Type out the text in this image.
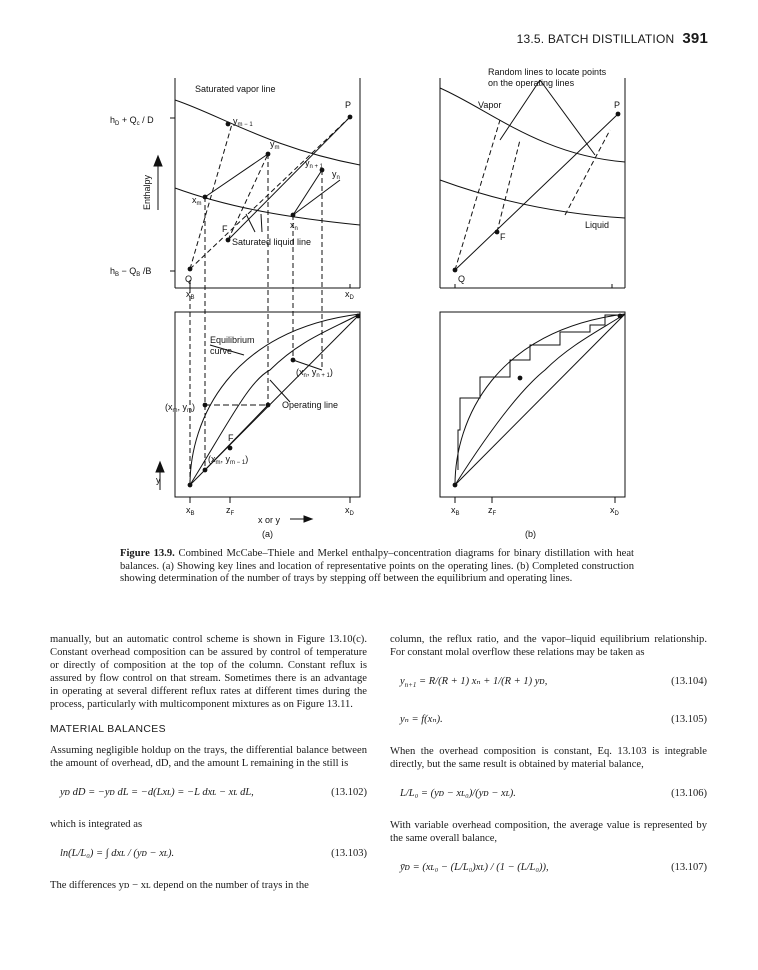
13.5. BATCH DISTILLATION 391
Saturated vapor line
Saturated liquid line
Enthalpy
$h_D + Q_c / D$
$h_B - Q_B$ /B
P
Q
F
$y_{m - 1}$
$y_m$
$y_{n + 1}$
$y_n$
$x_m$
$x_n$
$x_B$	$x_D$
Equilibrium
curve
Operating line
($x_n$, $y_{n + 1}$)
($x_m$, $y_m$)
($x_m$, $y_{m - 1}$)
F
y
$x_B$	$z_F$	$x_D$
x or y
(a)
Random lines to locate points
on the operating lines
Vapor
Liquid
P
Q
F
$x_B$	$z_F$	$x_D$
(b)
Figure 13.9. Combined McCabe–Thiele and Merkel enthalpy–concentration diagrams for binary distillation with heat balances. (a) Showing key lines and location of representative points on the operating lines. (b) Completed construction showing determination of the number of trays by stepping off between the equilibrium and operating lines.

manually, but an automatic control scheme is shown in Figure 13.10(c). Constant overhead composition can be assured by control of temperature or directly of composition at the top of the column. Constant reflux is assured by flow control on that stream. Sometimes there is an advantage in operating at several different reflux rates at different times during the process, particularly with multicomponent mixtures as on Figure 13.11.

MATERIAL BALANCES

Assuming negligible holdup on the trays, the differential balance between the amount of overhead, dD, and the amount L remaining in the still is

yᴅ dD = −yᴅ dL = −d(Lxʟ) = −L dxʟ − xʟ dL,	(13.102)

which is integrated as

ln(L/L₀) = ∫ dxʟ / (yᴅ − xʟ).	(13.103)

The differences yᴅ − xʟ depend on the number of trays in the

column, the reflux ratio, and the vapor–liquid equilibrium relationship. For constant molal overflow these relations may be taken as

$y_{n+1} = R/(R + 1) x_n + 1/(R + 1)$ yᴅ,	(13.104)
yₙ = f(xₙ).	(13.105)

When the overhead composition is constant, Eq. 13.103 is integrable directly, but the same result is obtained by material balance,

L/L₀ = (yᴅ − xʟ₀)/(yᴅ − xʟ).	(13.106)

With variable overhead composition, the average value is represented by the same overall balance,

ȳᴅ = (xʟ₀ − (L/L₀)xʟ) / (1 − (L/L₀)),	(13.107)
